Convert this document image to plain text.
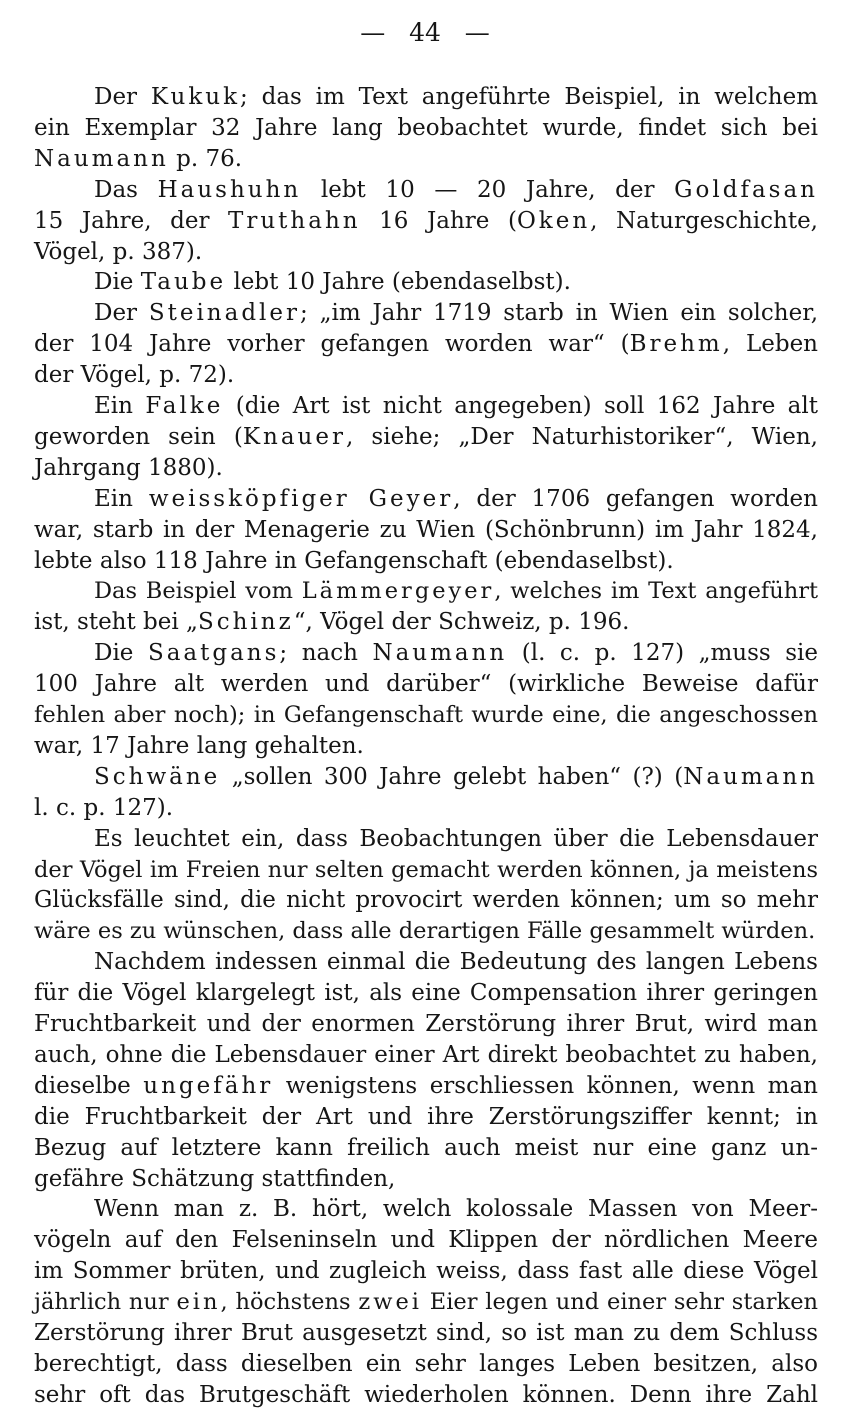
—   44   —
Der Kukuk; das im Text angeführte Beispiel, in welchem
ein Exemplar 32 Jahre lang beobachtet wurde, findet sich bei
Naumann p. 76.
Das Haushuhn lebt 10 — 20 Jahre, der Goldfasan
15 Jahre, der Truthahn 16 Jahre (Oken, Naturgeschichte,
Vögel, p. 387).
Die Taube lebt 10 Jahre (ebendaselbst).
Der Steinadler; „im Jahr 1719 starb in Wien ein solcher,
der 104 Jahre vorher gefangen worden war“ (Brehm, Leben
der Vögel, p. 72).
Ein Falke (die Art ist nicht angegeben) soll 162 Jahre alt
geworden sein (Knauer, siehe; „Der Naturhistoriker“, Wien,
Jahrgang 1880).
Ein weissköpfiger Geyer, der 1706 gefangen worden
war, starb in der Menagerie zu Wien (Schönbrunn) im Jahr 1824,
lebte also 118 Jahre in Gefangenschaft (ebendaselbst).
Das Beispiel vom Lämmergeyer, welches im Text angeführt
ist, steht bei „Schinz“, Vögel der Schweiz, p. 196.
Die Saatgans; nach Naumann (l. c. p. 127) „muss sie
100 Jahre alt werden und darüber“ (wirkliche Beweise dafür
fehlen aber noch); in Gefangenschaft wurde eine, die angeschossen
war, 17 Jahre lang gehalten.
Schwäne „sollen 300 Jahre gelebt haben“ (?) (Naumann
l. c. p. 127).
Es leuchtet ein, dass Beobachtungen über die Lebensdauer
der Vögel im Freien nur selten gemacht werden können, ja meistens
Glücksfälle sind, die nicht provocirt werden können; um so mehr
wäre es zu wünschen, dass alle derartigen Fälle gesammelt würden.
Nachdem indessen einmal die Bedeutung des langen Lebens
für die Vögel klargelegt ist, als eine Compensation ihrer geringen
Fruchtbarkeit und der enormen Zerstörung ihrer Brut, wird man
auch, ohne die Lebensdauer einer Art direkt beobachtet zu haben,
dieselbe ungefähr wenigstens erschliessen können, wenn man
die Fruchtbarkeit der Art und ihre Zerstörungsziffer kennt; in
Bezug auf letztere kann freilich auch meist nur eine ganz un-
gefähre Schätzung stattfinden,
Wenn man z. B. hört, welch kolossale Massen von Meer-
vögeln auf den Felseninseln und Klippen der nördlichen Meere
im Sommer brüten, und zugleich weiss, dass fast alle diese Vögel
jährlich nur ein, höchstens zwei Eier legen und einer sehr starken
Zerstörung ihrer Brut ausgesetzt sind, so ist man zu dem Schluss
berechtigt, dass dieselben ein sehr langes Leben besitzen, also
sehr oft das Brutgeschäft wiederholen können. Denn ihre Zahl
